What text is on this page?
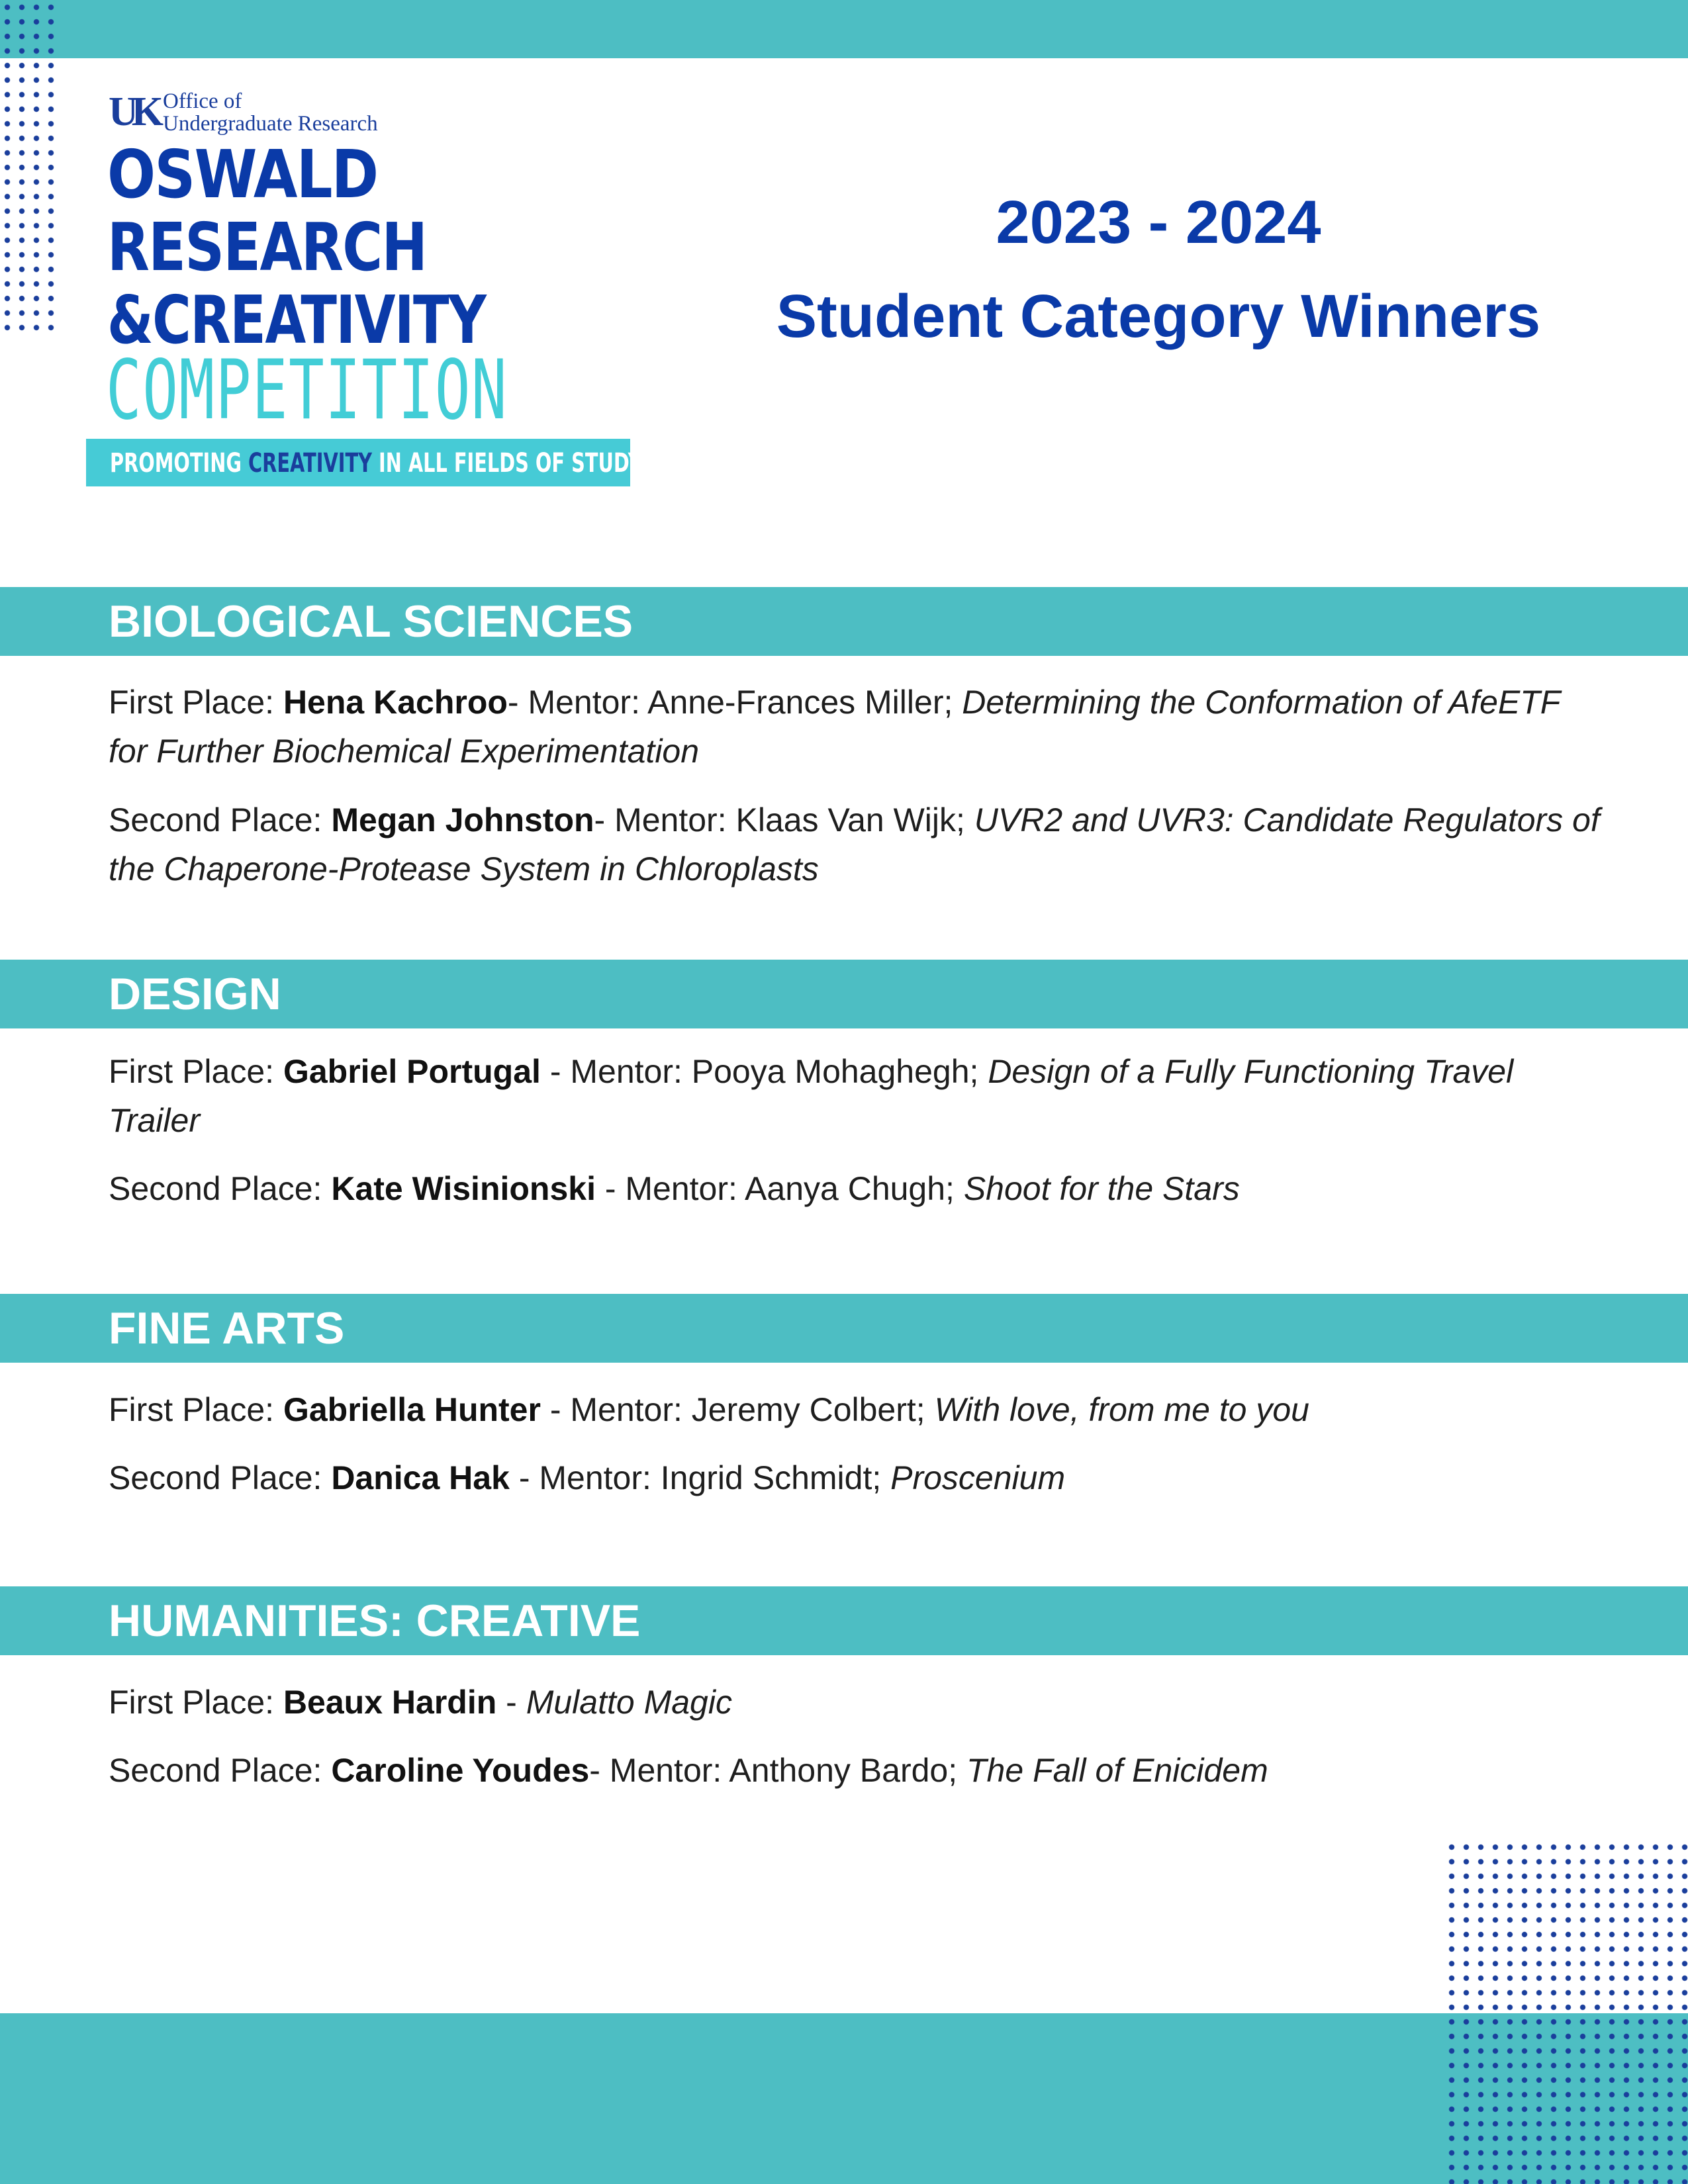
UK Office of
Undergraduate Research
OSWALD
RESEARCH
&CREATIVITY
COMPETITION
PROMOTING CREATIVITY IN ALL FIELDS OF STUDY
2023 - 2024
Student Category Winners
BIOLOGICAL SCIENCES
First Place: Hena Kachroo- Mentor: Anne-Frances Miller; Determining the Conformation of AfeETF for Further Biochemical Experimentation
Second Place: Megan Johnston- Mentor: Klaas Van Wijk; UVR2 and UVR3: Candidate Regulators of the Chaperone-Protease System in Chloroplasts
DESIGN
First Place: Gabriel Portugal - Mentor: Pooya Mohaghegh; Design of a Fully Functioning Travel Trailer
Second Place: Kate Wisinionski - Mentor: Aanya Chugh; Shoot for the Stars
FINE ARTS
First Place: Gabriella Hunter - Mentor: Jeremy Colbert; With love, from me to you
Second Place: Danica Hak - Mentor: Ingrid Schmidt; Proscenium
HUMANITIES: CREATIVE
First Place: Beaux Hardin - Mulatto Magic
Second Place: Caroline Youdes- Mentor: Anthony Bardo; The Fall of Enicidem
